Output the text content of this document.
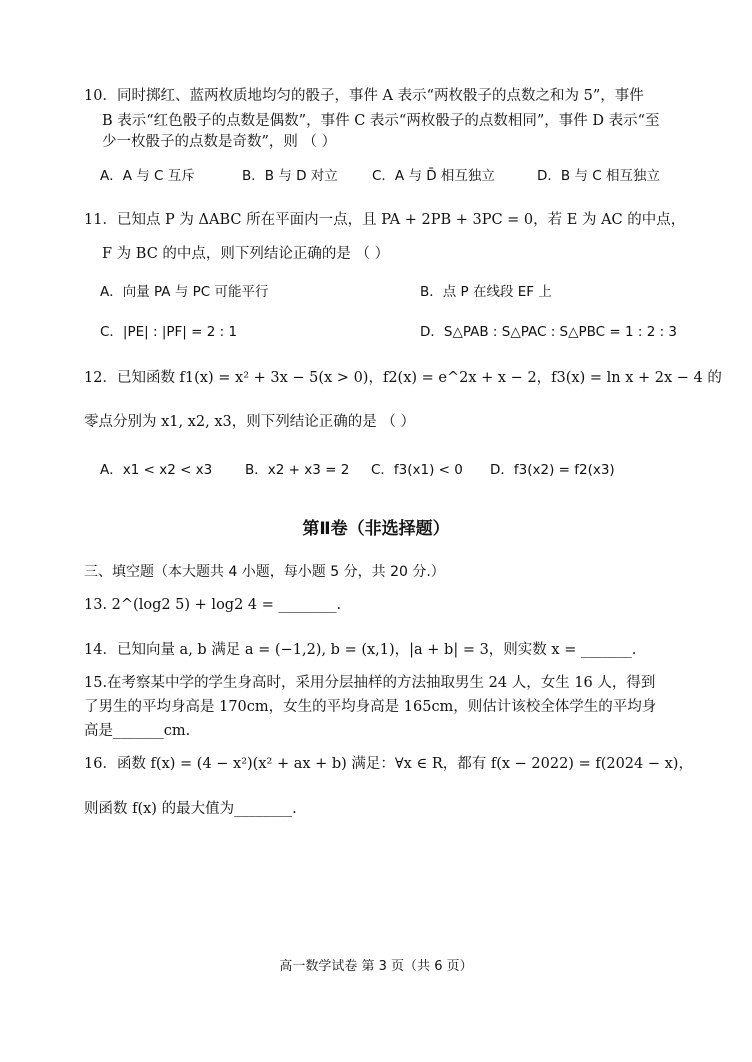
10．同时掷红、蓝两枚质地均匀的骰子，事件 A 表示“两枚骰子的点数之和为 5”，事件
B 表示“红色骰子的点数是偶数”，事件 C 表示“两枚骰子的点数相同”，事件 D 表示“至
少一枚骰子的点数是奇数”，则 （ ）
A．A 与 C 互斥	B．B 与 D 对立	C．A 与 D̄ 相互独立	D．B 与 C 相互独立
11．已知点 P 为 ΔABC 所在平面内一点，且 PA + 2PB + 3PC = 0，若 E 为 AC 的中点，
F 为 BC 的中点，则下列结论正确的是 （ ）
A．向量 PA 与 PC 可能平行	B．点 P 在线段 EF 上
C．|PE| : |PF| = 2 : 1	D．S△PAB : S△PAC : S△PBC = 1 : 2 : 3
12．已知函数 f1(x) = x² + 3x − 5(x > 0)，f2(x) = e^2x + x − 2，f3(x) = ln x + 2x − 4 的
零点分别为 x1, x2, x3，则下列结论正确的是 （ ）
A．x1 < x2 < x3 B．x2 + x3 = 2 C．f3(x1) < 0 D．f3(x2) = f2(x3)
第Ⅱ卷（非选择题）
三、填空题（本大题共 4 小题，每小题 5 分，共 20 分.）
13. 2^(log2 5) + log2 4 = ________.
14．已知向量 a, b 满足 a = (−1,2), b = (x,1)，|a + b| = 3，则实数 x = _______.
15.在考察某中学的学生身高时，采用分层抽样的方法抽取男生 24 人，女生 16 人，得到
了男生的平均身高是 170cm，女生的平均身高是 165cm，则估计该校全体学生的平均身
高是_______cm.
16．函数 f(x) = (4 − x²)(x² + ax + b) 满足：∀x ∈ R，都有 f(x − 2022) = f(2024 − x)，
则函数 f(x) 的最大值为________.
高一数学试卷 第 3 页（共 6 页）
